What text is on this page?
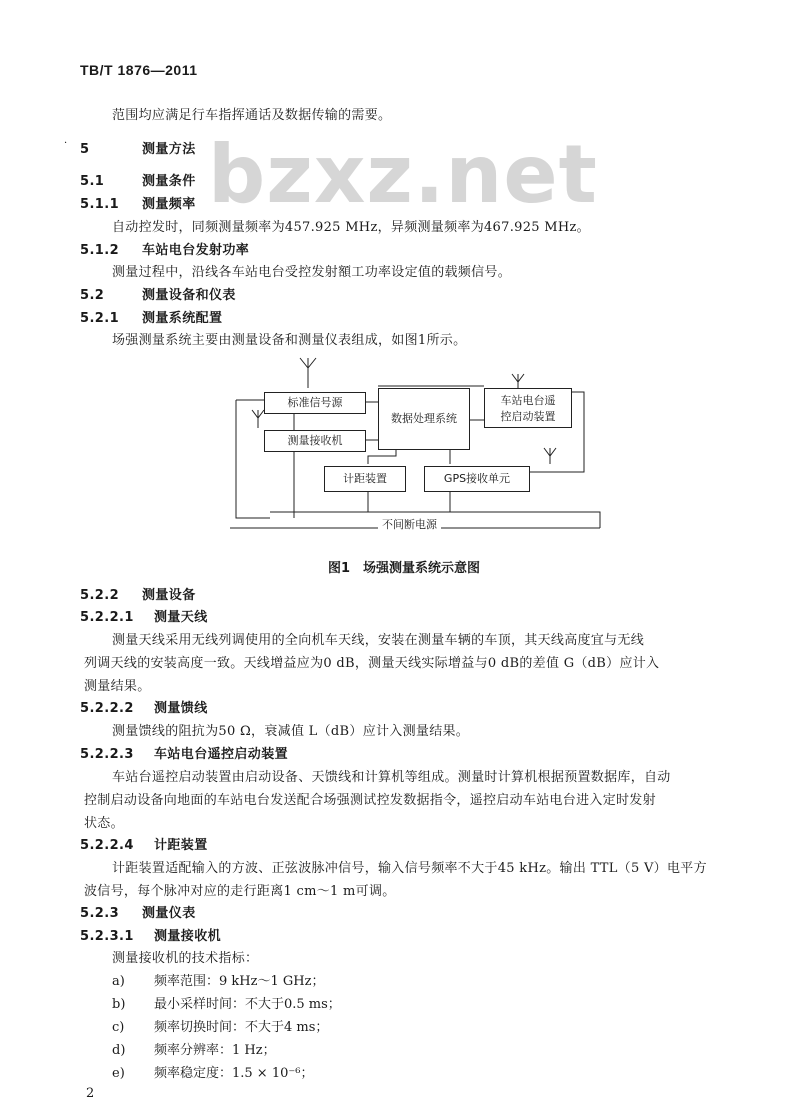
TB/T 1876—2011
bzxz.net
范围均应满足行车指挥通话及数据传输的需要。
· 5	测量方法
5.1	测量条件
5.1.1 测量频率
自动控发时，同频测量频率为457.925 MHz，异频测量频率为467.925 MHz。
5.1.2 车站电台发射功率
测量过程中，沿线各车站电台受控发射額工功率设定值的载频信号。
5.2	测量设备和仪表
5.2.1 测量系统配置
场强测量系统主要由测量设备和测量仪表组成，如图1所示。
标准信号源
测量接收机
数据处理系统
车站电台遥
控启动装置
计距装置	GPS接收单元
不间断电源
图1　场强测量系统示意图
5.2.2 测量设备
5.2.2.1 测量天线
测量天线采用无线列调使用的全向机车天线，安装在测量车辆的车顶，其天线高度宜与无线
列调天线的安装高度一致。天线增益应为0 dB，测量天线实际增益与0 dB的差值 G（dB）应计入
测量结果。
5.2.2.2 测量馈线
测量馈线的阻抗为50 Ω，衰减值 L（dB）应计入测量结果。
5.2.2.3 车站电台遥控启动装置
车站台遥控启动装置由启动设备、天馈线和计算机等组成。测量时计算机根据预置数据库，自动
控制启动设备向地面的车站电台发送配合场强测试控发数据指令，遥控启动车站电台进入定时发射
状态。
5.2.2.4 计距装置
计距装置适配输入的方波、正弦波脉冲信号，输入信号频率不大于45 kHz。输出 TTL（5 V）电平方
波信号，每个脉冲对应的走行距离1 cm～1 m可调。
5.2.3 测量仪表
5.2.3.1 测量接收机
测量接收机的技术指标：
a) 频率范围：9 kHz～1 GHz；
b) 最小采样时间：不大于0.5 ms；
c) 频率切换时间：不大于4 ms；
d) 频率分辨率：1 Hz；
e) 频率稳定度：1.5 × 10⁻⁶；
2
